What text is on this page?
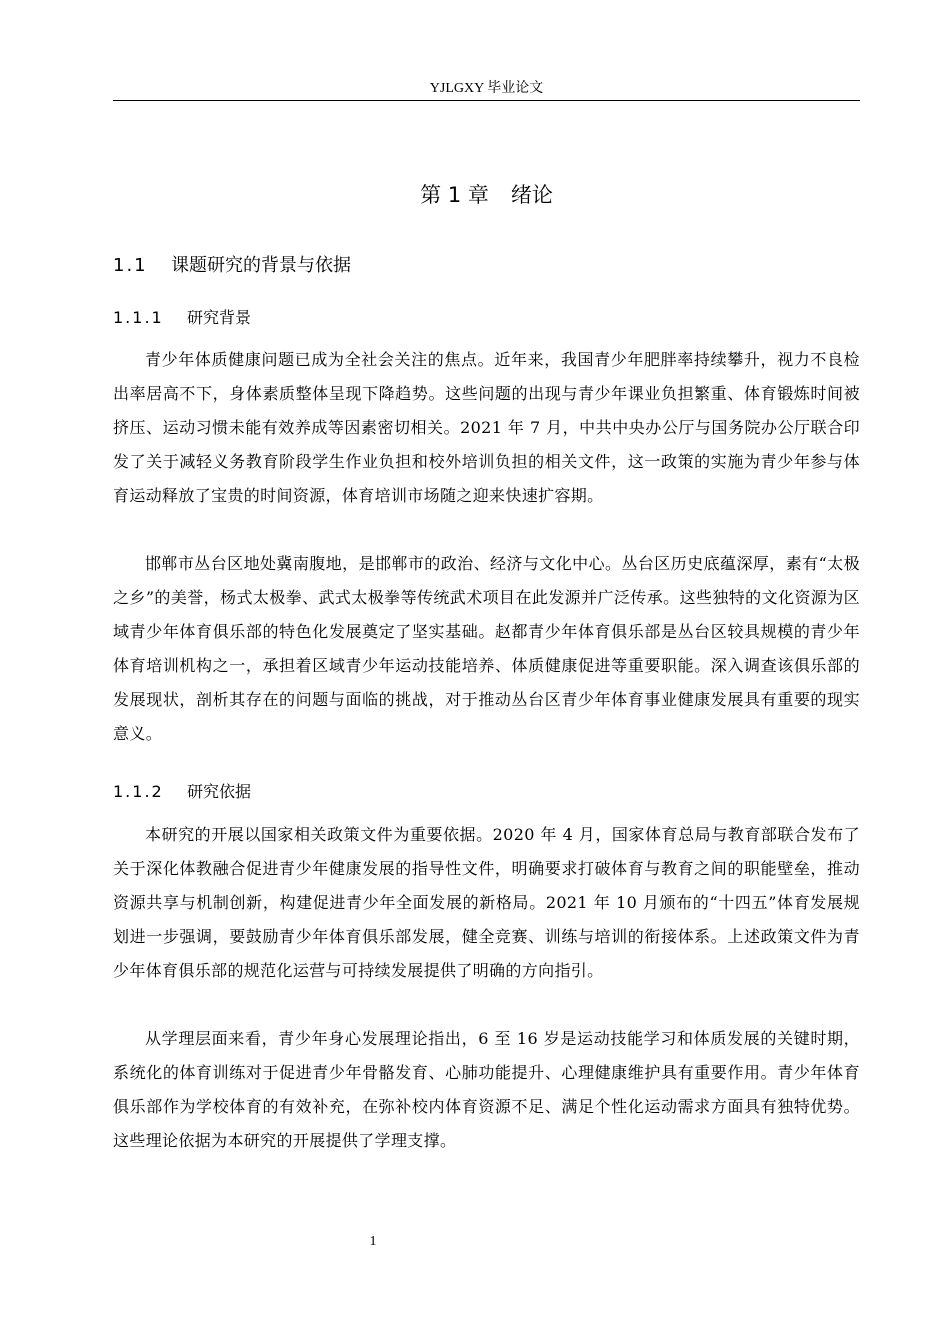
YJLGXY 毕业论文
第 1 章 绪论
1.1 课题研究的背景与依据
1.1.1 研究背景

青少年体质健康问题已成为全社会关注的焦点。近年来，我国青少年肥胖率持续攀升，视力不良检出率居高不下，身体素质整体呈现下降趋势。这些问题的出现与青少年课业负担繁重、体育锻炼时间被挤压、运动习惯未能有效养成等因素密切相关。2021 年 7 月，中共中央办公厅与国务院办公厅联合印发了关于减轻义务教育阶段学生作业负担和校外培训负担的相关文件，这一政策的实施为青少年参与体育运动释放了宝贵的时间资源，体育培训市场随之迎来快速扩容期。

邯郸市丛台区地处冀南腹地，是邯郸市的政治、经济与文化中心。丛台区历史底蕴深厚，素有“太极之乡”的美誉，杨式太极拳、武式太极拳等传统武术项目在此发源并广泛传承。这些独特的文化资源为区域青少年体育俱乐部的特色化发展奠定了坚实基础。赵都青少年体育俱乐部是丛台区较具规模的青少年体育培训机构之一，承担着区域青少年运动技能培养、体质健康促进等重要职能。深入调查该俱乐部的发展现状，剖析其存在的问题与面临的挑战，对于推动丛台区青少年体育事业健康发展具有重要的现实意义。

1.1.2 研究依据

本研究的开展以国家相关政策文件为重要依据。2020 年 4 月，国家体育总局与教育部联合发布了关于深化体教融合促进青少年健康发展的指导性文件，明确要求打破体育与教育之间的职能壁垒，推动资源共享与机制创新，构建促进青少年全面发展的新格局。2021 年 10 月颁布的“十四五”体育发展规划进一步强调，要鼓励青少年体育俱乐部发展，健全竞赛、训练与培训的衔接体系。上述政策文件为青少年体育俱乐部的规范化运营与可持续发展提供了明确的方向指引。

从学理层面来看，青少年身心发展理论指出，6 至 16 岁是运动技能学习和体质发展的关键时期，系统化的体育训练对于促进青少年骨骼发育、心肺功能提升、心理健康维护具有重要作用。青少年体育俱乐部作为学校体育的有效补充，在弥补校内体育资源不足、满足个性化运动需求方面具有独特优势。这些理论依据为本研究的开展提供了学理支撑。

1
